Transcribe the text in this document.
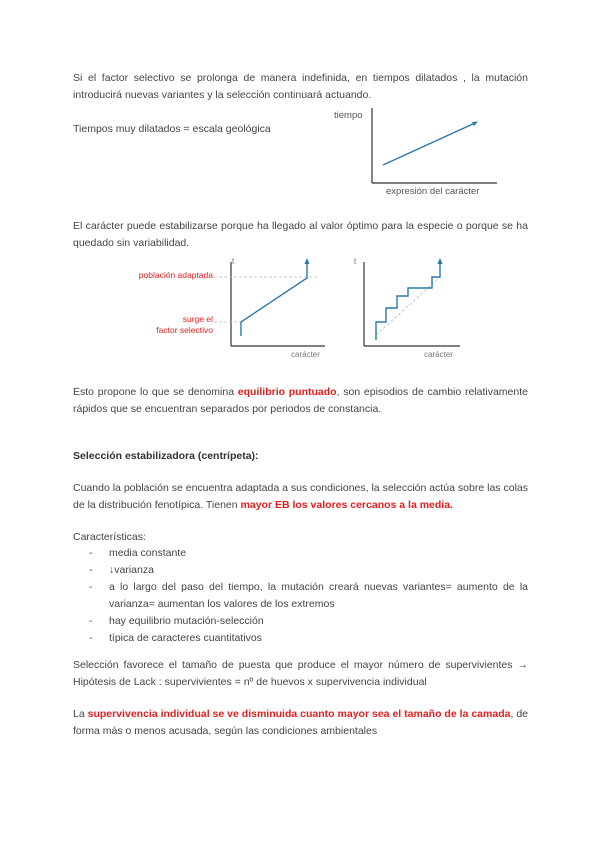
Si el factor selectivo se prolonga de manera indefinida, en tiempos dilatados , la mutación introducirá nuevas variantes y la selección continuará actuando.
Tiempos muy dilatados = escala geológica
tiempo
expresión del carácter
El carácter puede estabilizarse porque ha llegado al valor óptimo para la especie o porque se ha quedado sin variabilidad.
t
población adaptada
surge el
factor selectivo
carácter
t
carácter
Esto propone lo que se denomina equilibrio puntuado, son episodios de cambio relativamente rápidos que se encuentran separados por periodos de constancia.
Selección estabilizadora (centrípeta):
Cuando la población se encuentra adaptada a sus condiciones, la selección actúa sobre las colas de la distribución fenotípica. Tienen mayor EB los valores cercanos a la media.
Características:
- media constante
- ↓varianza
- a lo largo del paso del tiempo, la mutación creará nuevas variantes= aumento de la varianza= aumentan los valores de los extremos
- hay equilibrio mutación-selección
- típica de caracteres cuantitativos
Selección favorece el tamaño de puesta que produce el mayor número de supervivientes → Hipótesis de Lack : supervivientes = nº de huevos x supervivencia individual
La supervivencia individual se ve disminuida cuanto mayor sea el tamaño de la camada, de forma más o menos acusada, según las condiciones ambientales
